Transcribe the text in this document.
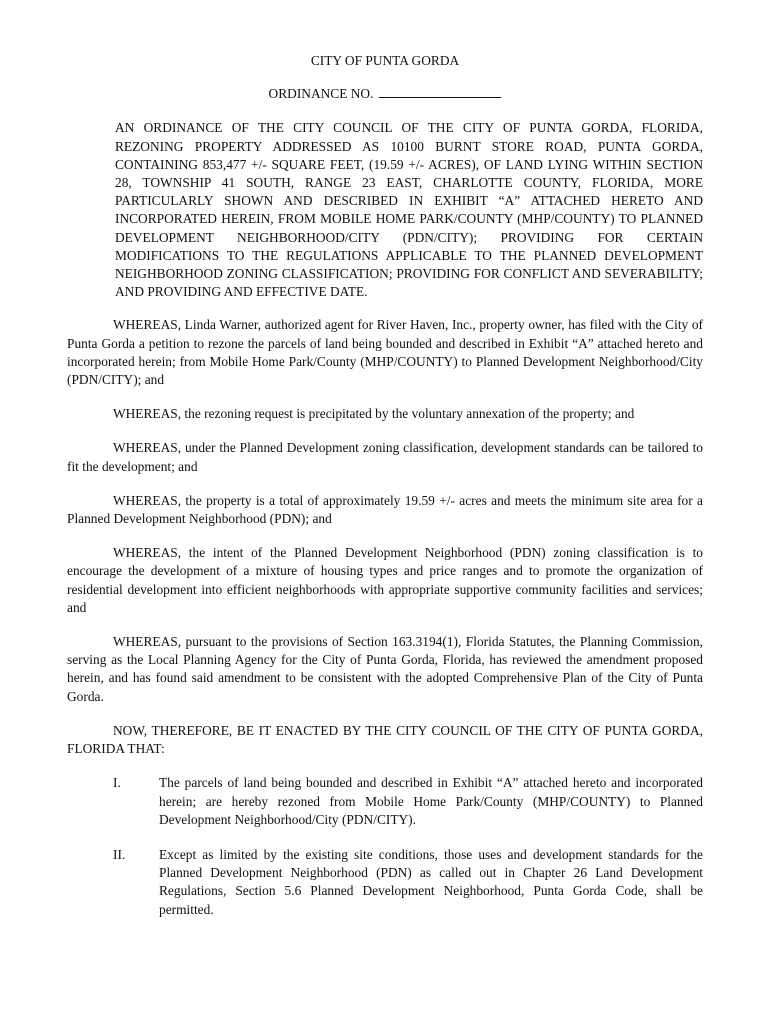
CITY OF PUNTA GORDA

ORDINANCE NO.

AN ORDINANCE OF THE CITY COUNCIL OF THE CITY OF PUNTA GORDA, FLORIDA, REZONING PROPERTY ADDRESSED AS 10100 BURNT STORE ROAD, PUNTA GORDA, CONTAINING 853,477 +/- SQUARE FEET, (19.59 +/- ACRES), OF LAND LYING WITHIN SECTION 28, TOWNSHIP 41 SOUTH, RANGE 23 EAST, CHARLOTTE COUNTY, FLORIDA, MORE PARTICULARLY SHOWN AND DESCRIBED IN EXHIBIT “A” ATTACHED HERETO AND INCORPORATED HEREIN, FROM MOBILE HOME PARK/COUNTY (MHP/COUNTY) TO PLANNED DEVELOPMENT NEIGHBORHOOD/CITY (PDN/CITY); PROVIDING FOR CERTAIN MODIFICATIONS TO THE REGULATIONS APPLICABLE TO THE PLANNED DEVELOPMENT NEIGHBORHOOD ZONING CLASSIFICATION; PROVIDING FOR CONFLICT AND SEVERABILITY; AND PROVIDING AND EFFECTIVE DATE.

WHEREAS, Linda Warner, authorized agent for River Haven, Inc., property owner, has filed with the City of Punta Gorda a petition to rezone the parcels of land being bounded and described in Exhibit “A” attached hereto and incorporated herein; from Mobile Home Park/County (MHP/COUNTY) to Planned Development Neighborhood/City (PDN/CITY); and

WHEREAS, the rezoning request is precipitated by the voluntary annexation of the property; and

WHEREAS, under the Planned Development zoning classification, development standards can be tailored to fit the development; and

WHEREAS, the property is a total of approximately 19.59 +/- acres and meets the minimum site area for a Planned Development Neighborhood (PDN); and

WHEREAS, the intent of the Planned Development Neighborhood (PDN) zoning classification is to encourage the development of a mixture of housing types and price ranges and to promote the organization of residential development into efficient neighborhoods with appropriate supportive community facilities and services; and

WHEREAS, pursuant to the provisions of Section 163.3194(1), Florida Statutes, the Planning Commission, serving as the Local Planning Agency for the City of Punta Gorda, Florida, has reviewed the amendment proposed herein, and has found said amendment to be consistent with the adopted Comprehensive Plan of the City of Punta Gorda.

NOW, THEREFORE, BE IT ENACTED BY THE CITY COUNCIL OF THE CITY OF PUNTA GORDA, FLORIDA THAT:

I.	The parcels of land being bounded and described in Exhibit “A” attached hereto and incorporated herein; are hereby rezoned from Mobile Home Park/County (MHP/COUNTY) to Planned Development Neighborhood/City (PDN/CITY).
II.	Except as limited by the existing site conditions, those uses and development standards for the Planned Development Neighborhood (PDN) as called out in Chapter 26 Land Development Regulations, Section 5.6 Planned Development Neighborhood, Punta Gorda Code, shall be permitted.
